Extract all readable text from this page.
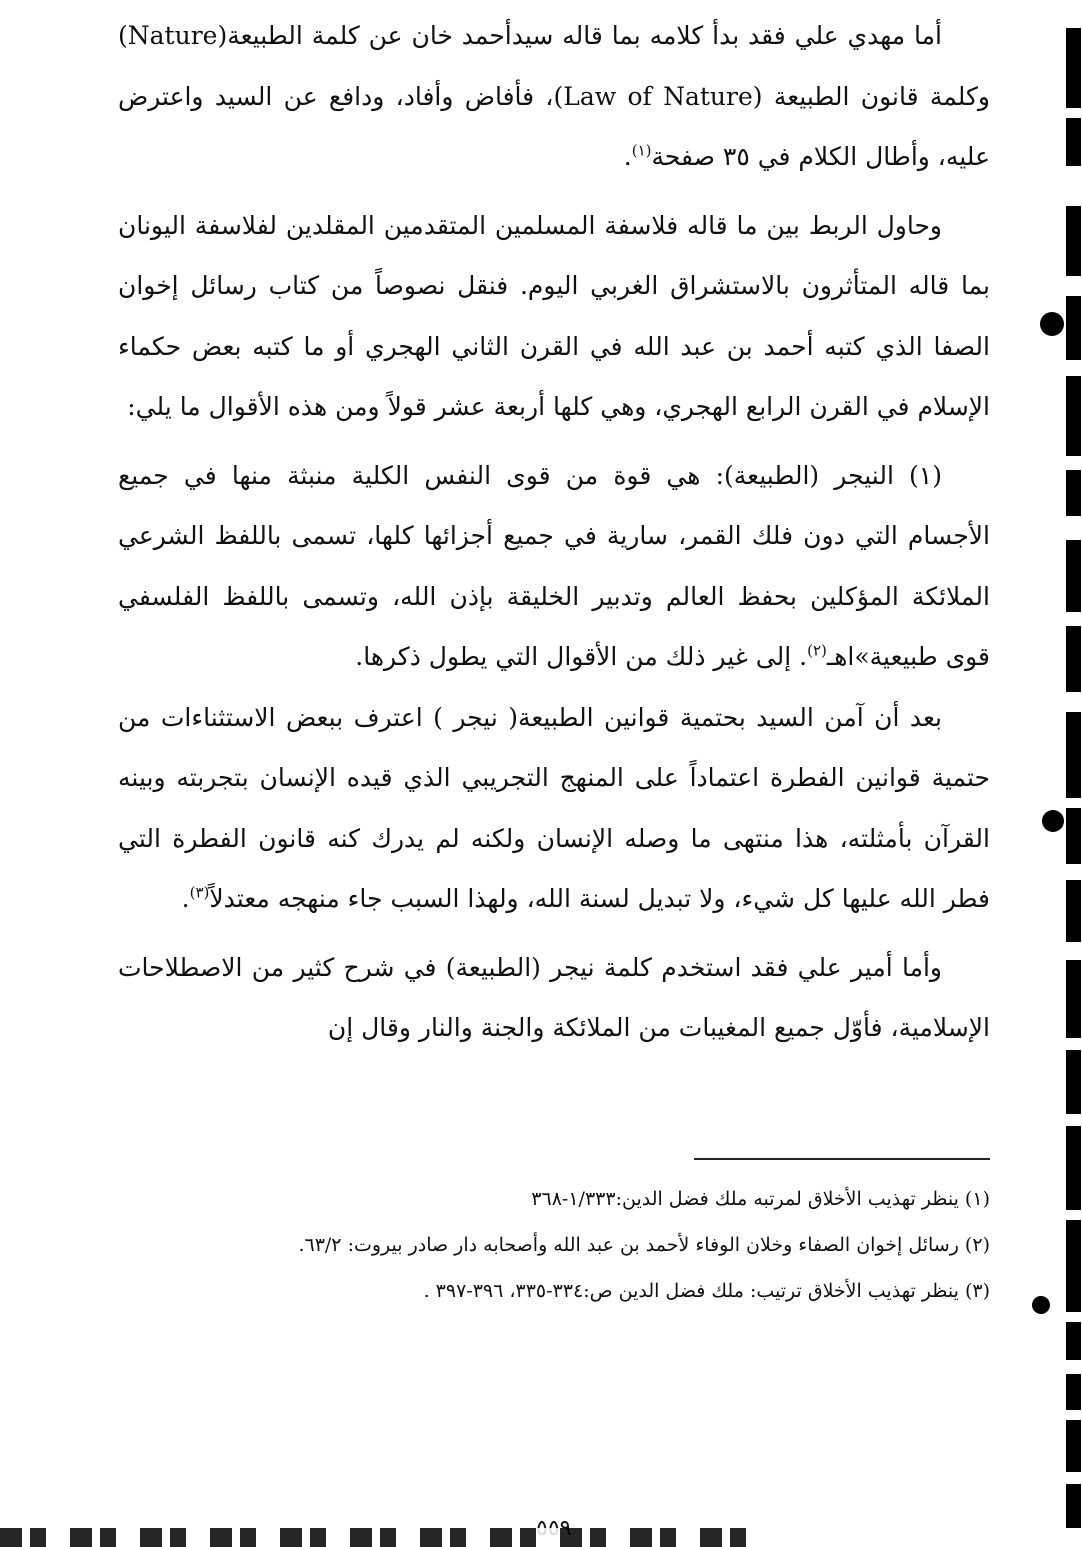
أما مهدي علي فقد بدأ كلامه بما قاله سيدأحمد خان عن كلمة الطبيعة(Nature) وكلمة قانون الطبيعة (Law of Nature)، فأفاض وأفاد، ودافع عن السيد واعترض عليه، وأطال الكلام في ٣٥ صفحة$^{(١)}$.

وحاول الربط بين ما قاله فلاسفة المسلمين المتقدمين المقلدين لفلاسفة اليونان بما قاله المتأثرون بالاستشراق الغربي اليوم. فنقل نصوصاً من كتاب رسائل إخوان الصفا الذي كتبه أحمد بن عبد الله في القرن الثاني الهجري أو ما كتبه بعض حكماء الإسلام في القرن الرابع الهجري، وهي كلها أربعة عشر قولاً ومن هذه الأقوال ما يلي:

(١) النيجر (الطبيعة): هي قوة من قوى النفس الكلية منبثة منها في جميع الأجسام التي دون فلك القمر، سارية في جميع أجزائها كلها، تسمى باللفظ الشرعي الملائكة المؤكلين بحفظ العالم وتدبير الخليقة بإذن الله، وتسمى باللفظ الفلسفي قوى طبيعية»اهـ$^{(٢)}$. إلى غير ذلك من الأقوال التي يطول ذكرها.

بعد أن آمن السيد بحتمية قوانين الطبيعة( نيجر ) اعترف ببعض الاستثناءات من حتمية قوانين الفطرة اعتماداً على المنهج التجريبي الذي قيده الإنسان بتجربته وبينه القرآن بأمثلته، هذا منتهى ما وصله الإنسان ولكنه لم يدرك كنه قانون الفطرة التي فطر الله عليها كل شيء، ولا تبديل لسنة الله، ولهذا السبب جاء منهجه معتدلاً$^{(٣)}$.

وأما أمير علي فقد استخدم كلمة نيجر (الطبيعة) في شرح كثير من الاصطلاحات الإسلامية، فأوّل جميع المغيبات من الملائكة والجنة والنار وقال إن

(١) ينظر تهذيب الأخلاق لمرتبه ملك فضل الدين:١/٣٣٣-٣٦٨

(٢) رسائل إخوان الصفاء وخلان الوفاء لأحمد بن عبد الله وأصحابه دار صادر بيروت: ٦٣/٢.

(٣) ينظر تهذيب الأخلاق ترتيب: ملك فضل الدين ص:٣٣٤-٣٣٥، ٣٩٦-٣٩٧ .
